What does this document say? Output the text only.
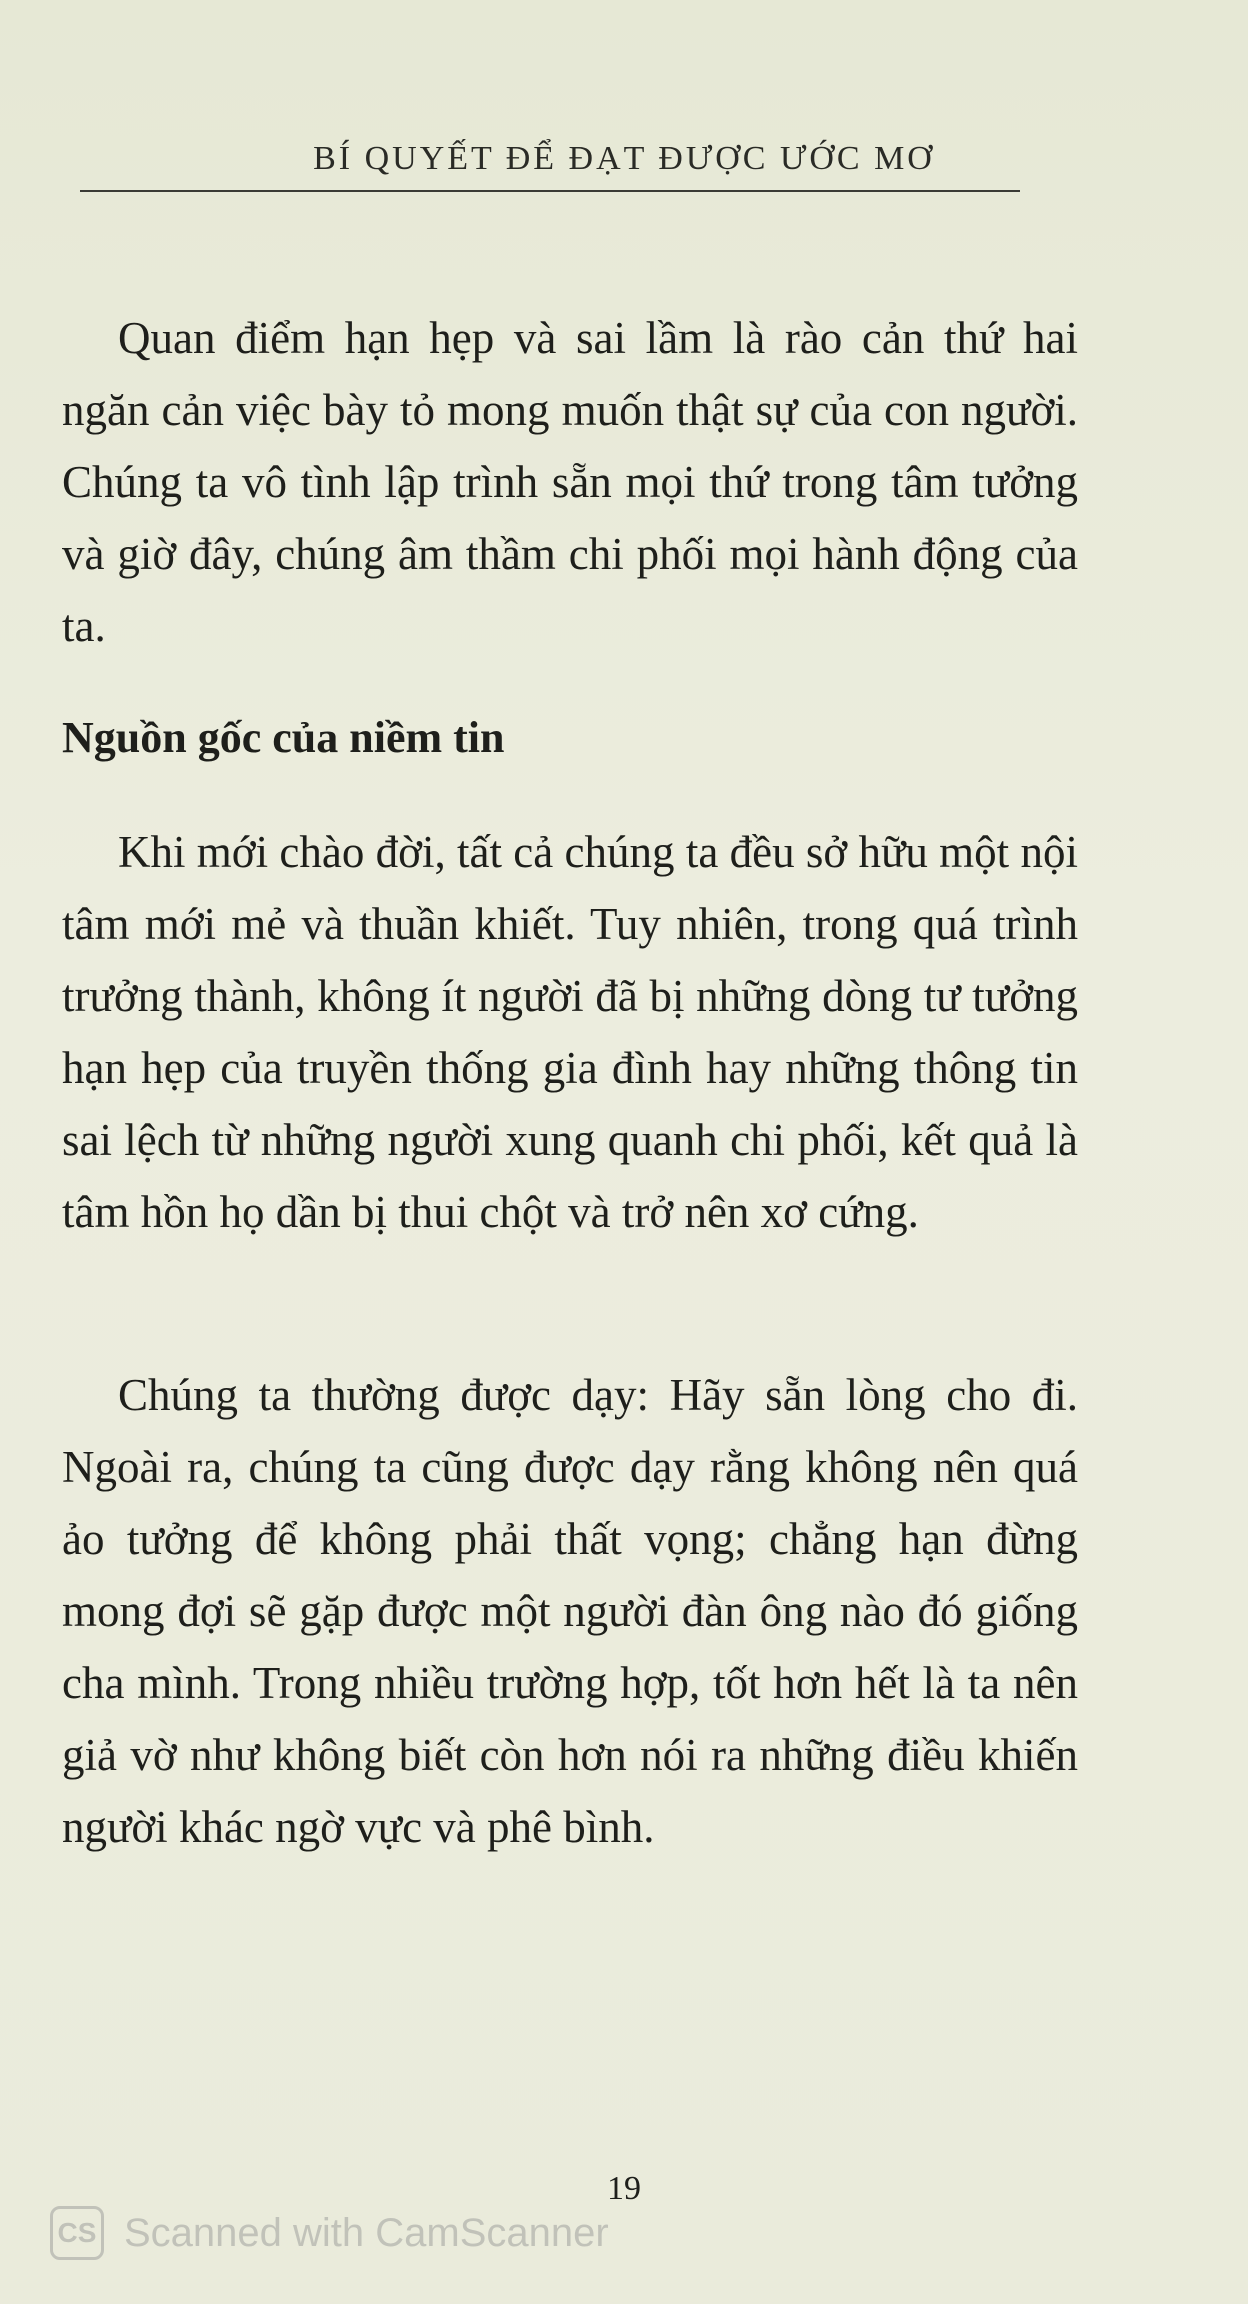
BÍ QUYẾT ĐỂ ĐẠT ĐƯỢC ƯỚC MƠ

Quan điểm hạn hẹp và sai lầm là rào cản thứ hai ngăn cản việc bày tỏ mong muốn thật sự của con người. Chúng ta vô tình lập trình sẵn mọi thứ trong tâm tưởng và giờ đây, chúng âm thầm chi phối mọi hành động của ta.

Nguồn gốc của niềm tin

Khi mới chào đời, tất cả chúng ta đều sở hữu một nội tâm mới mẻ và thuần khiết. Tuy nhiên, trong quá trình trưởng thành, không ít người đã bị những dòng tư tưởng hạn hẹp của truyền thống gia đình hay những thông tin sai lệch từ những người xung quanh chi phối, kết quả là tâm hồn họ dần bị thui chột và trở nên xơ cứng.

Chúng ta thường được dạy: Hãy sẵn lòng cho đi. Ngoài ra, chúng ta cũng được dạy rằng không nên quá ảo tưởng để không phải thất vọng; chẳng hạn đừng mong đợi sẽ gặp được một người đàn ông nào đó giống cha mình. Trong nhiều trường hợp, tốt hơn hết là ta nên giả vờ như không biết còn hơn nói ra những điều khiến người khác ngờ vực và phê bình.

19
CS Scanned with CamScanner
